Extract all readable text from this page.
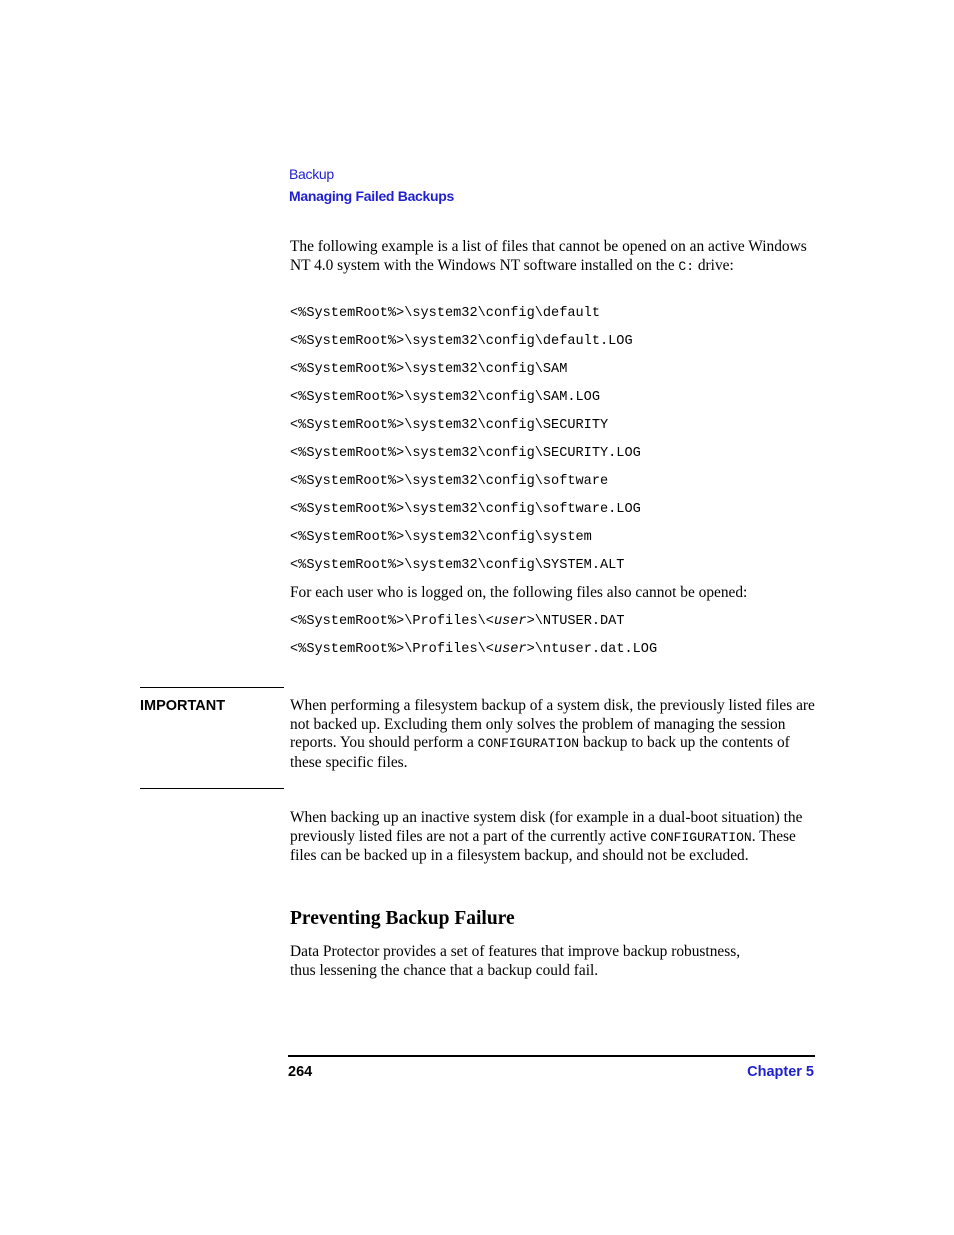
Backup
Managing Failed Backups
The following example is a list of files that cannot be opened on an active Windows NT 4.0 system with the Windows NT software installed on the C: drive:
<%SystemRoot%>\system32\config\default
<%SystemRoot%>\system32\config\default.LOG
<%SystemRoot%>\system32\config\SAM
<%SystemRoot%>\system32\config\SAM.LOG
<%SystemRoot%>\system32\config\SECURITY
<%SystemRoot%>\system32\config\SECURITY.LOG
<%SystemRoot%>\system32\config\software
<%SystemRoot%>\system32\config\software.LOG
<%SystemRoot%>\system32\config\system
<%SystemRoot%>\system32\config\SYSTEM.ALT
For each user who is logged on, the following files also cannot be opened:
<%SystemRoot%>\Profiles\<user>\NTUSER.DAT
<%SystemRoot%>\Profiles\<user>\ntuser.dat.LOG
IMPORTANT	When performing a filesystem backup of a system disk, the previously listed files are not backed up. Excluding them only solves the problem of managing the session reports. You should perform a CONFIGURATION backup to back up the contents of these specific files.
When backing up an inactive system disk (for example in a dual-boot situation) the previously listed files are not a part of the currently active CONFIGURATION. These files can be backed up in a filesystem backup, and should not be excluded.
Preventing Backup Failure
Data Protector provides a set of features that improve backup robustness, thus lessening the chance that a backup could fail.
264	Chapter 5
